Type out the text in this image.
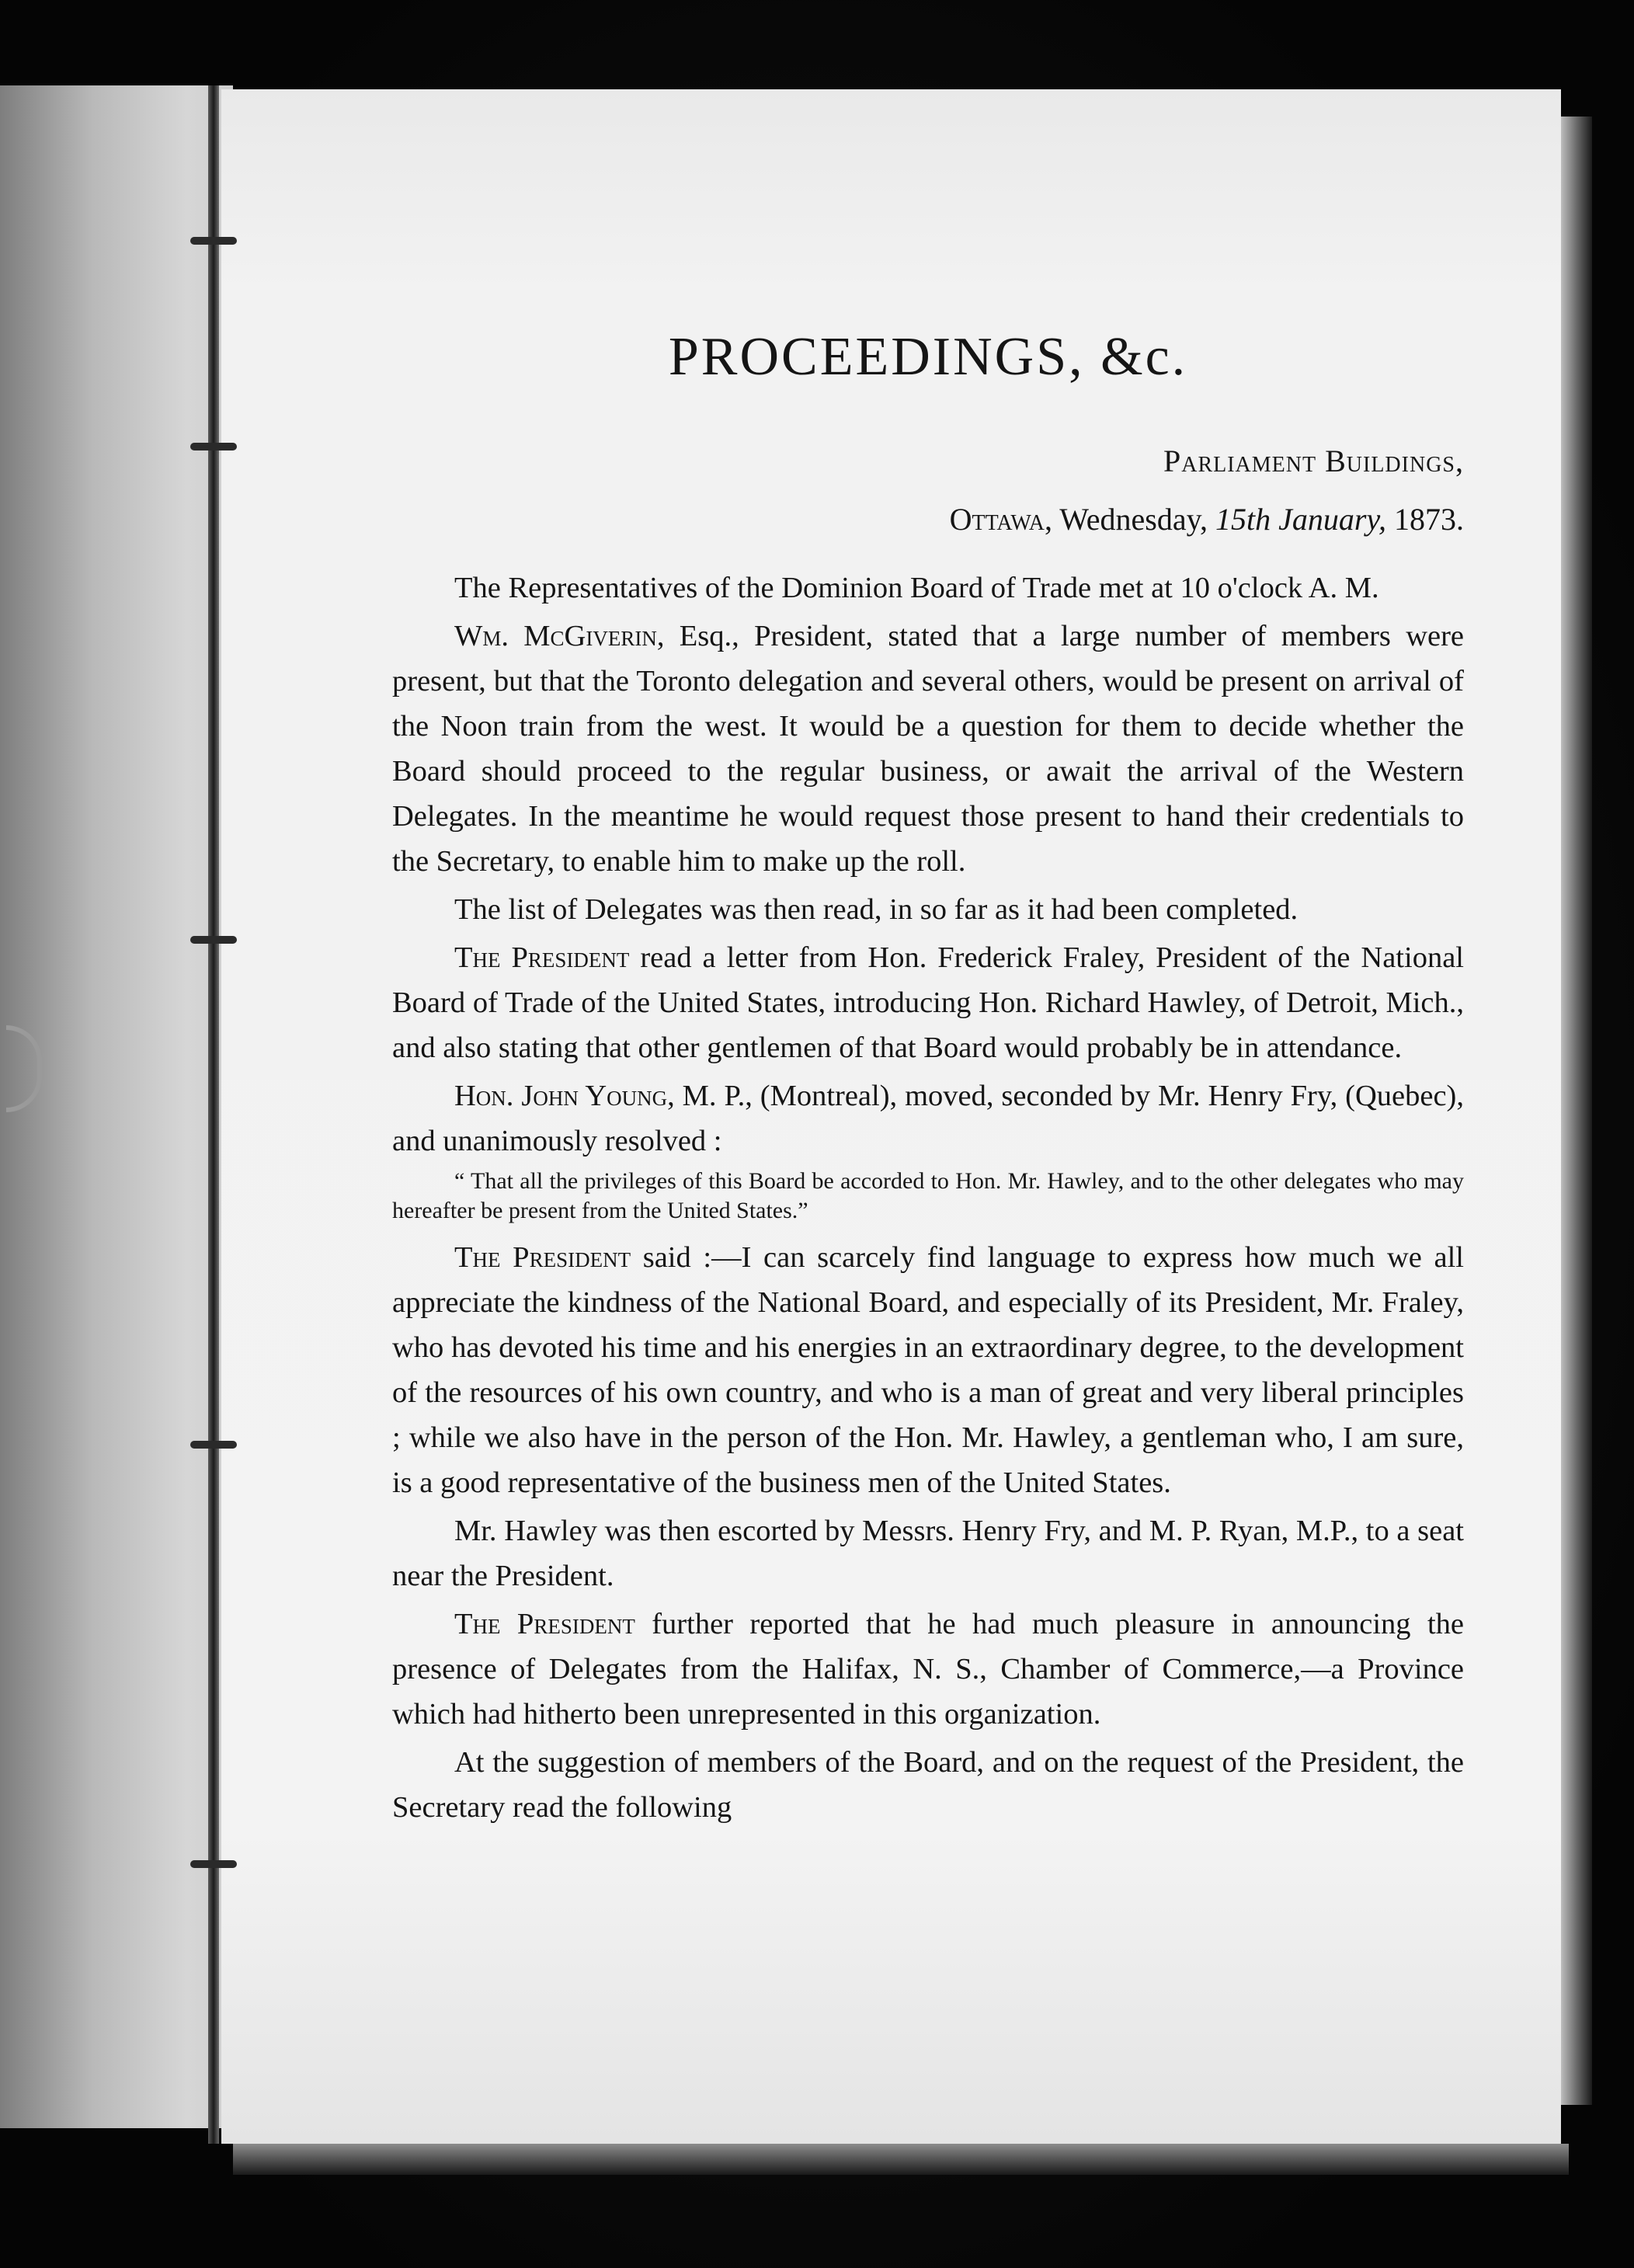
PROCEEDINGS, &c.
Parliament Buildings,
Ottawa, Wednesday, 15th January, 1873.

The Representatives of the Dominion Board of Trade met at 10 o'clock A. M.

Wm. McGiverin, Esq., President, stated that a large number of members were present, but that the Toronto delegation and several others, would be present on arrival of the Noon train from the west. It would be a question for them to decide whether the Board should proceed to the regular business, or await the arrival of the Western Delegates. In the meantime he would request those present to hand their credentials to the Secretary, to enable him to make up the roll.

The list of Delegates was then read, in so far as it had been completed.

The President read a letter from Hon. Frederick Fraley, President of the National Board of Trade of the United States, introducing Hon. Richard Hawley, of Detroit, Mich., and also stating that other gentlemen of that Board would probably be in attendance.

Hon. John Young, M. P., (Montreal), moved, seconded by Mr. Henry Fry, (Quebec), and unanimously resolved :

“ That all the privileges of this Board be accorded to Hon. Mr. Hawley, and to the other delegates who may hereafter be present from the United States.”

The President said :—I can scarcely find language to express how much we all appreciate the kindness of the National Board, and especially of its President, Mr. Fraley, who has devoted his time and his energies in an extraordinary degree, to the development of the resources of his own country, and who is a man of great and very liberal principles ; while we also have in the person of the Hon. Mr. Hawley, a gentleman who, I am sure, is a good representative of the business men of the United States.

Mr. Hawley was then escorted by Messrs. Henry Fry, and M. P. Ryan, M.P., to a seat near the President.

The President further reported that he had much pleasure in announcing the presence of Delegates from the Halifax, N. S., Chamber of Commerce,—a Province which had hitherto been unrepresented in this organization.

At the suggestion of members of the Board, and on the request of the President, the Secretary read the following
